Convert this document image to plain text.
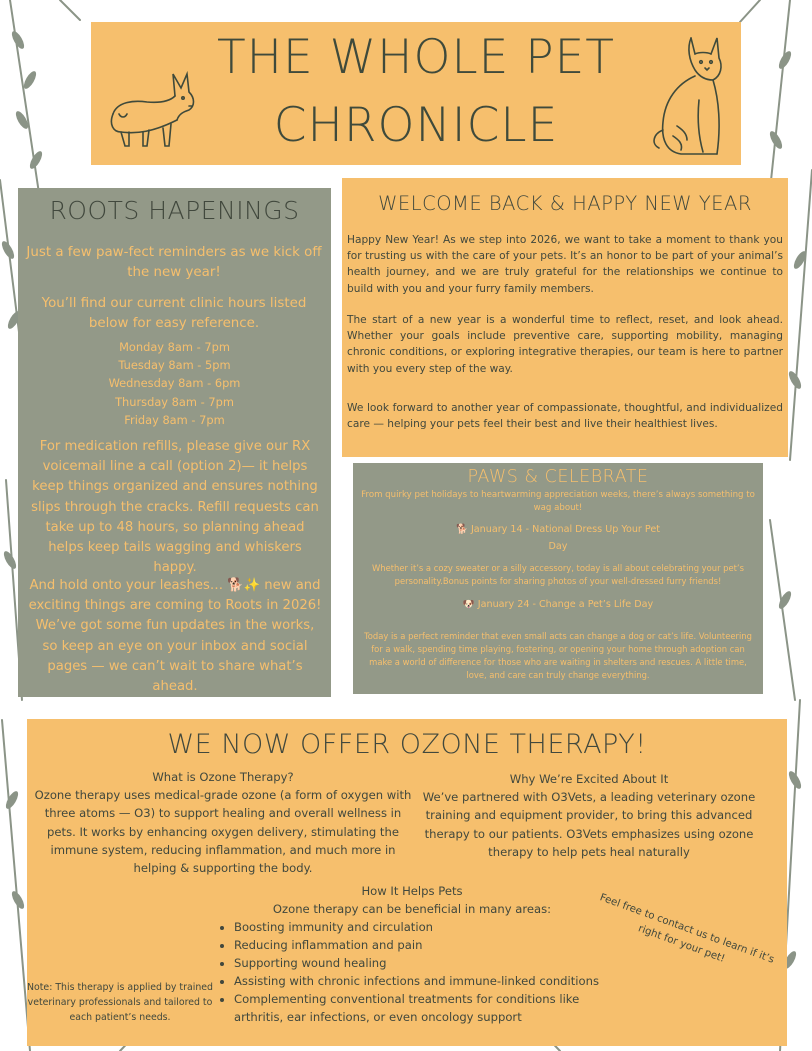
THE WHOLE PET
CHRONICLE
ROOTS HAPENINGS
Just a few paw-fect reminders as we kick off the new year!
You’ll find our current clinic hours listed below for easy reference.
Monday 8am - 7pm
Tuesday 8am - 5pm
Wednesday 8am - 6pm
Thursday 8am - 7pm
Friday 8am - 7pm
For medication refills, please give our RX voicemail line a call (option 2)— it helps keep things organized and ensures nothing slips through the cracks. Refill requests can take up to 48 hours, so planning ahead helps keep tails wagging and whiskers happy.
And hold onto your leashes… 🐕✨ new and exciting things are coming to Roots in 2026! We’ve got some fun updates in the works, so keep an eye on your inbox and social pages — we can’t wait to share what’s ahead.
WELCOME BACK & HAPPY NEW YEAR

Happy New Year! As we step into 2026, we want to take a moment to thank you for trusting us with the care of your pets. It’s an honor to be part of your animal’s health journey, and we are truly grateful for the relationships we continue to build with you and your furry family members.

The start of a new year is a wonderful time to reflect, reset, and look ahead. Whether your goals include preventive care, supporting mobility, managing chronic conditions, or exploring integrative therapies, our team is here to partner with you every step of the way.

We look forward to another year of compassionate, thoughtful, and individualized care — helping your pets feel their best and live their healthiest lives.

PAWS & CELEBRATE
From quirky pet holidays to heartwarming appreciation weeks, there’s always something to wag about!
🐕 January 14 - National Dress Up Your Pet Day
Whether it’s a cozy sweater or a silly accessory, today is all about celebrating your pet’s personality.Bonus points for sharing photos of your well-dressed furry friends!
🐶 January 24 - Change a Pet’s Life Day
Today is a perfect reminder that even small acts can change a dog or cat’s life. Volunteering for a walk, spending time playing, fostering, or opening your home through adoption can make a world of difference for those who are waiting in shelters and rescues. A little time, love, and care can truly change everything.
WE NOW OFFER OZONE THERAPY!
What is Ozone Therapy?
Ozone therapy uses medical-grade ozone (a form of oxygen with three atoms — O3) to support healing and overall wellness in pets. It works by enhancing oxygen delivery, stimulating the immune system, reducing inflammation, and much more in helping & supporting the body.
Why We’re Excited About It
We’ve partnered with O3Vets, a leading veterinary ozone training and equipment provider, to bring this advanced therapy to our patients. O3Vets emphasizes using ozone therapy to help pets heal naturally
How It Helps Pets
Ozone therapy can be beneficial in many areas:
• Boosting immunity and circulation
• Reducing inflammation and pain
• Supporting wound healing
• Assisting with chronic infections and immune-linked conditions
• Complementing conventional treatments for conditions like arthritis, ear infections, or even oncology support
Note: This therapy is applied by trained veterinary professionals and tailored to each patient’s needs.
Feel free to contact us to learn if it’s right for your pet!
